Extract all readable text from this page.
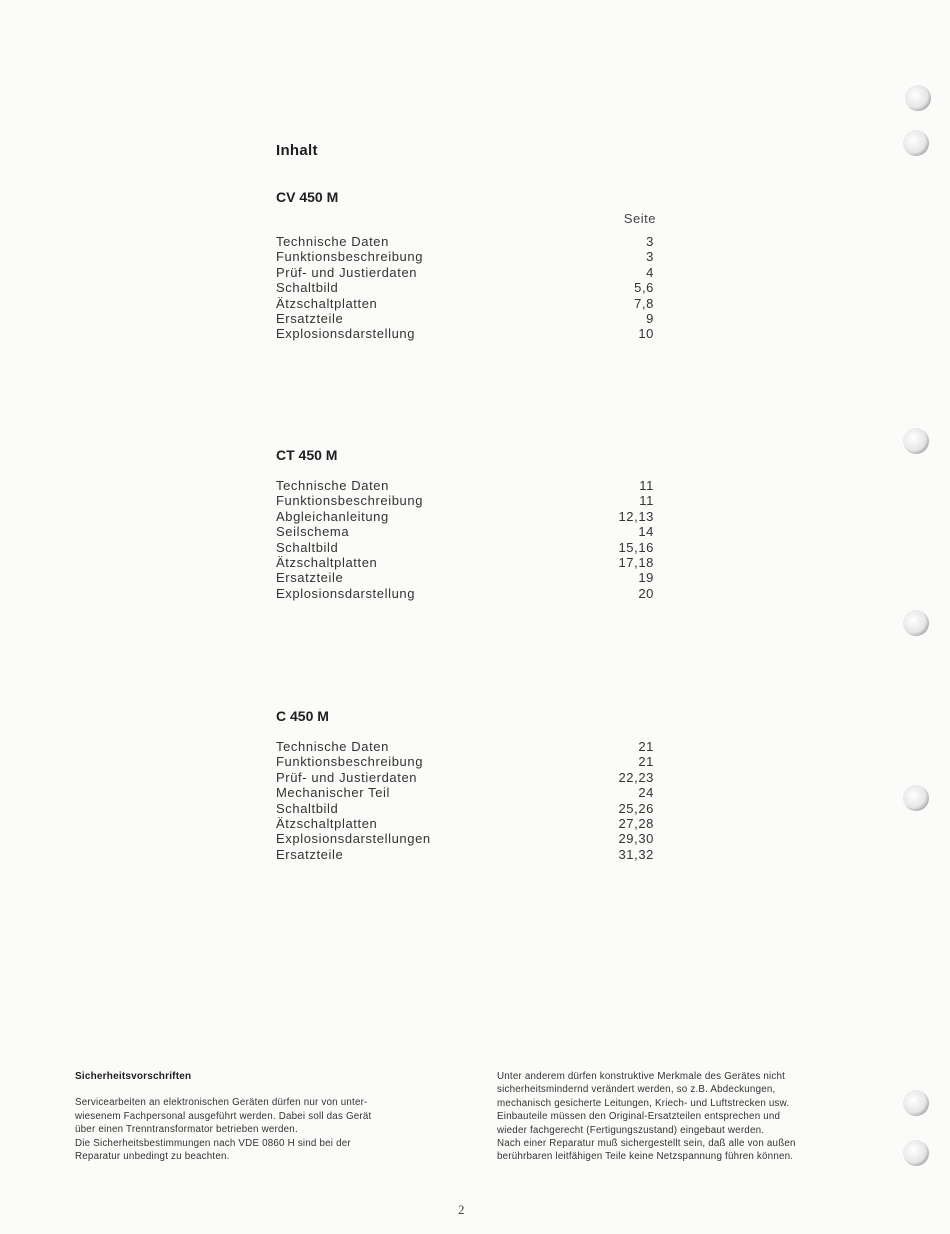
Inhalt
CV 450 M
Seite
Technische Daten	3
Funktionsbeschreibung	3
Prüf- und Justierdaten	4
Schaltbild	5,6
Ätzschaltplatten	7,8
Ersatzteile	9
Explosionsdarstellung	10
CT 450 M
Technische Daten	11
Funktionsbeschreibung	11
Abgleichanleitung	12,13
Seilschema	14
Schaltbild	15,16
Ätzschaltplatten	17,18
Ersatzteile	19
Explosionsdarstellung	20
C 450 M
Technische Daten	21
Funktionsbeschreibung	21
Prüf- und Justierdaten	22,23
Mechanischer Teil	24
Schaltbild	25,26
Ätzschaltplatten	27,28
Explosionsdarstellungen	29,30
Ersatzteile	31,32
Sicherheitsvorschriften

Servicearbeiten an elektronischen Geräten dürfen nur von unter-

wiesenem Fachpersonal ausgeführt werden. Dabei soll das Gerät

über einen Trenntransformator betrieben werden.

Die Sicherheitsbestimmungen nach VDE 0860 H sind bei der

Reparatur unbedingt zu beachten.

Unter anderem dürfen konstruktive Merkmale des Gerätes nicht

sicherheitsmindernd verändert werden, so z.B. Abdeckungen,

mechanisch gesicherte Leitungen, Kriech- und Luftstrecken usw.

Einbauteile müssen den Original-Ersatzteilen entsprechen und

wieder fachgerecht (Fertigungszustand) eingebaut werden.

Nach einer Reparatur muß sichergestellt sein, daß alle von außen

berührbaren leitfähigen Teile keine Netzspannung führen können.

2
